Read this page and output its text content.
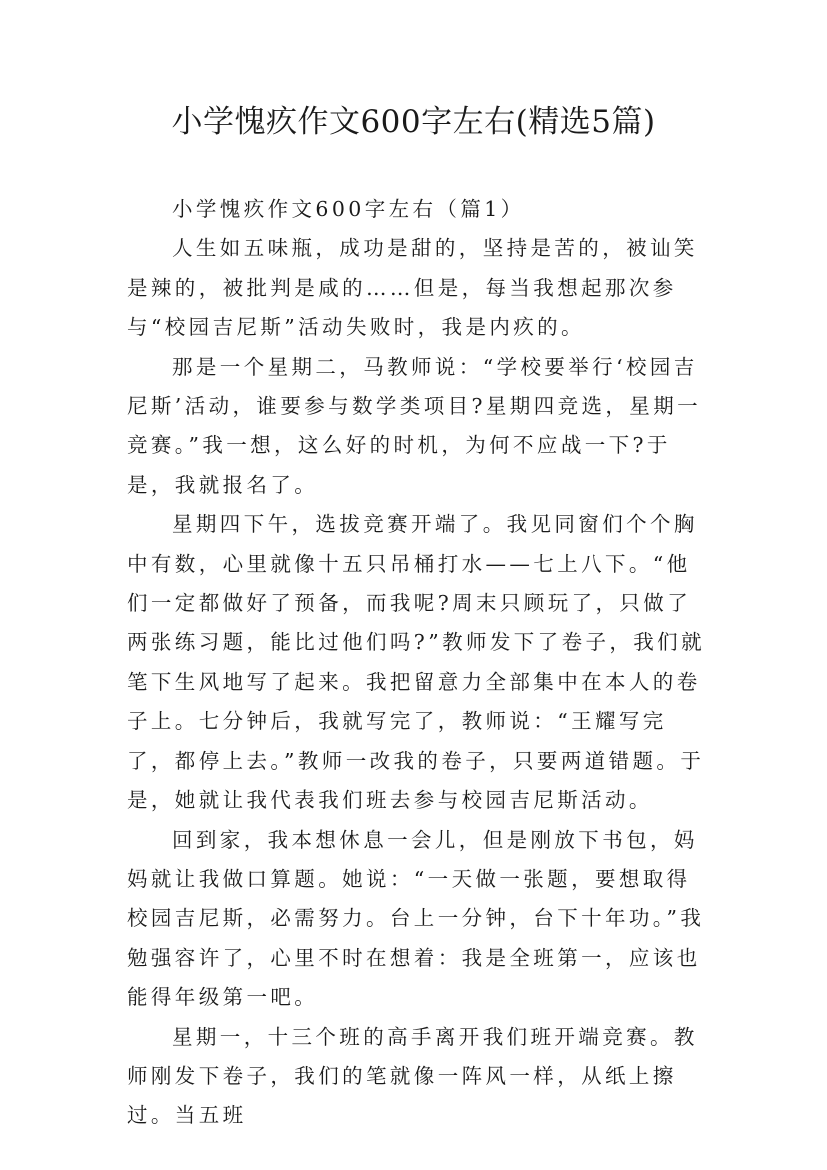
小学愧疚作文600字左右(精选5篇)
小学愧疚作文600字左右（篇1）

人生如五味瓶，成功是甜的，坚持是苦的，被讪笑是辣的，被批判是咸的……但是，每当我想起那次参与“校园吉尼斯”活动失败时，我是内疚的。

那是一个星期二，马教师说：“学校要举行‘校园吉尼斯’活动，谁要参与数学类项目?星期四竞选，星期一竞赛。”我一想，这么好的时机，为何不应战一下?于是，我就报名了。

星期四下午，选拔竞赛开端了。我见同窗们个个胸中有数，心里就像十五只吊桶打水——七上八下。“他们一定都做好了预备，而我呢?周末只顾玩了，只做了两张练习题，能比过他们吗?”教师发下了卷子，我们就笔下生风地写了起来。我把留意力全部集中在本人的卷子上。七分钟后，我就写完了，教师说：“王耀写完了，都停上去。”教师一改我的卷子，只要两道错题。于是，她就让我代表我们班去参与校园吉尼斯活动。

回到家，我本想休息一会儿，但是刚放下书包，妈妈就让我做口算题。她说：“一天做一张题，要想取得校园吉尼斯，必需努力。台上一分钟，台下十年功。”我勉强容许了，心里不时在想着：我是全班第一，应该也能得年级第一吧。

星期一，十三个班的高手离开我们班开端竞赛。教师刚发下卷子，我们的笔就像一阵风一样，从纸上擦过。当五班
